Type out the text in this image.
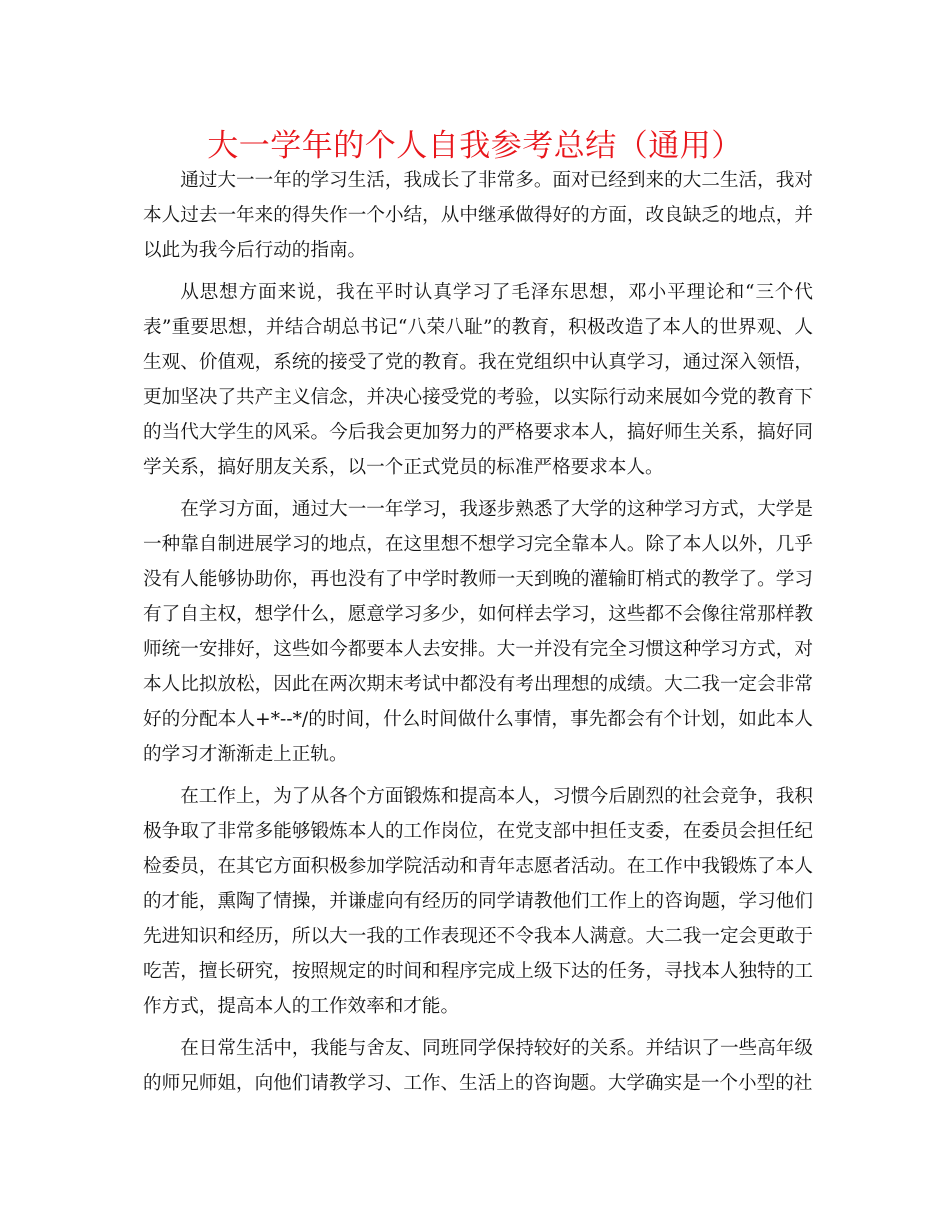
大一学年的个人自我参考总结（通用）

通过大一一年的学习生活，我成长了非常多。面对已经到来的大二生活，我对本人过去一年来的得失作一个小结，从中继承做得好的方面，改良缺乏的地点，并以此为我今后行动的指南。

从思想方面来说，我在平时认真学习了毛泽东思想，邓小平理论和“三个代表”重要思想，并结合胡总书记“八荣八耻”的教育，积极改造了本人的世界观、人生观、价值观，系统的接受了党的教育。我在党组织中认真学习，通过深入领悟，更加坚决了共产主义信念，并决心接受党的考验，以实际行动来展如今党的教育下的当代大学生的风采。今后我会更加努力的严格要求本人，搞好师生关系，搞好同学关系，搞好朋友关系，以一个正式党员的标准严格要求本人。

在学习方面，通过大一一年学习，我逐步熟悉了大学的这种学习方式，大学是一种靠自制进展学习的地点，在这里想不想学习完全靠本人。除了本人以外，几乎没有人能够协助你，再也没有了中学时教师一天到晚的灌输盯梢式的教学了。学习有了自主权，想学什么，愿意学习多少，如何样去学习，这些都不会像往常那样教师统一安排好，这些如今都要本人去安排。大一并没有完全习惯这种学习方式，对本人比拟放松，因此在两次期末考试中都没有考出理想的成绩。大二我一定会非常好的分配本人+*--*/的时间，什么时间做什么事情，事先都会有个计划，如此本人的学习才渐渐走上正轨。

在工作上，为了从各个方面锻炼和提高本人，习惯今后剧烈的社会竞争，我积极争取了非常多能够锻炼本人的工作岗位，在党支部中担任支委，在委员会担任纪检委员，在其它方面积极参加学院活动和青年志愿者活动。在工作中我锻炼了本人的才能，熏陶了情操，并谦虚向有经历的同学请教他们工作上的咨询题，学习他们先进知识和经历，所以大一我的工作表现还不令我本人满意。大二我一定会更敢于吃苦，擅长研究，按照规定的时间和程序完成上级下达的任务，寻找本人独特的工作方式，提高本人的工作效率和才能。

在日常生活中，我能与舍友、同班同学保持较好的关系。并结识了一些高年级的师兄师姐，向他们请教学习、工作、生活上的咨询题。大学确实是一个小型的社
